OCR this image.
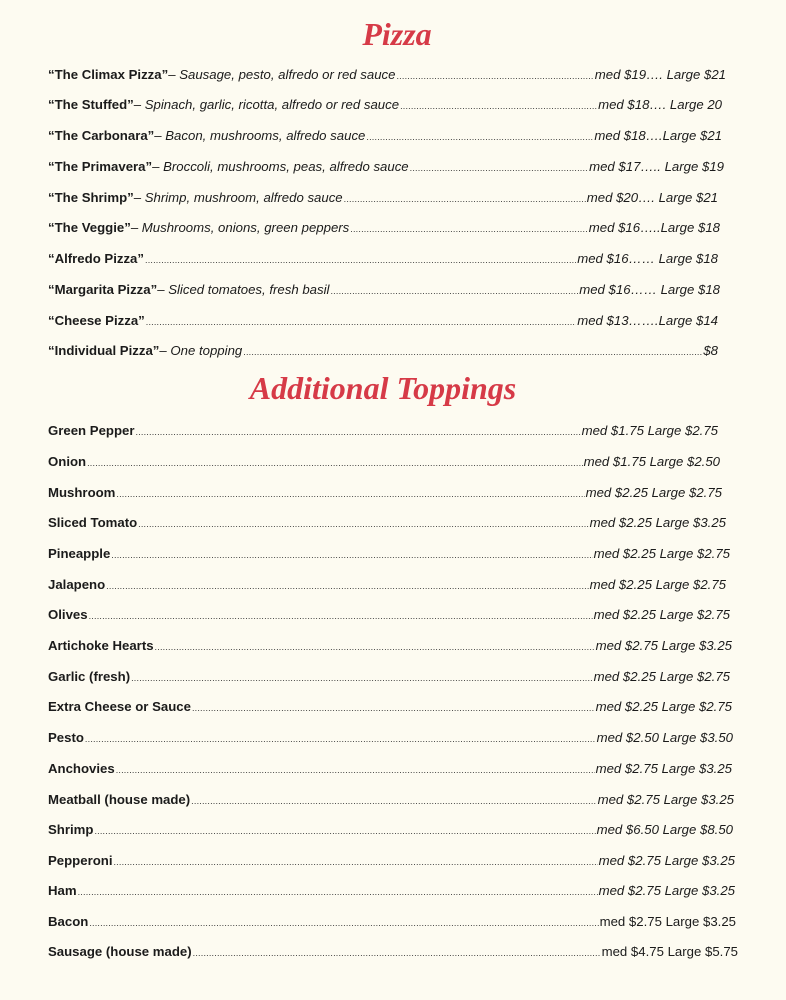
Pizza
“The Climax Pizza” – Sausage, pesto, alfredo or red sauce .....	med $19…. Large $21
“The Stuffed” – Spinach, garlic, ricotta, alfredo or red sauce .....	med $18…. Large 20
“The Carbonara” – Bacon, mushrooms, alfredo sauce .....	med $18….Large $21
“The Primavera” – Broccoli, mushrooms, peas, alfredo sauce .....	med $17….. Large $19
“The Shrimp” – Shrimp, mushroom, alfredo sauce .....	med $20…. Large $21
“The Veggie” – Mushrooms, onions, green peppers .....	med $16…..Large $18
“Alfredo Pizza” .....	med $16…… Large $18
“Margarita Pizza” – Sliced tomatoes, fresh basil .....	med $16…… Large $18
“Cheese Pizza” .....	med $13…….Large $14
“Individual Pizza” – One topping .....	$8
Additional Toppings
Green Pepper .....	med $1.75 Large $2.75
Onion .....	med $1.75 Large $2.50
Mushroom .....	med $2.25 Large $2.75
Sliced Tomato .....	med $2.25 Large $3.25
Pineapple .....	med $2.25 Large $2.75
Jalapeno .....	med $2.25 Large $2.75
Olives .....	med $2.25 Large $2.75
Artichoke Hearts .....	med $2.75 Large $3.25
Garlic (fresh) .....	med $2.25 Large $2.75
Extra Cheese or Sauce .....	med $2.25 Large $2.75
Pesto .....	med $2.50 Large $3.50
Anchovies .....	med $2.75 Large $3.25
Meatball (house made) .....	med $2.75 Large $3.25
Shrimp .....	med $6.50 Large $8.50
Pepperoni .....	med $2.75 Large $3.25
Ham .....	med $2.75 Large $3.25
Bacon .....	med $2.75 Large $3.25
Sausage (house made) .....	med $4.75 Large $5.75
